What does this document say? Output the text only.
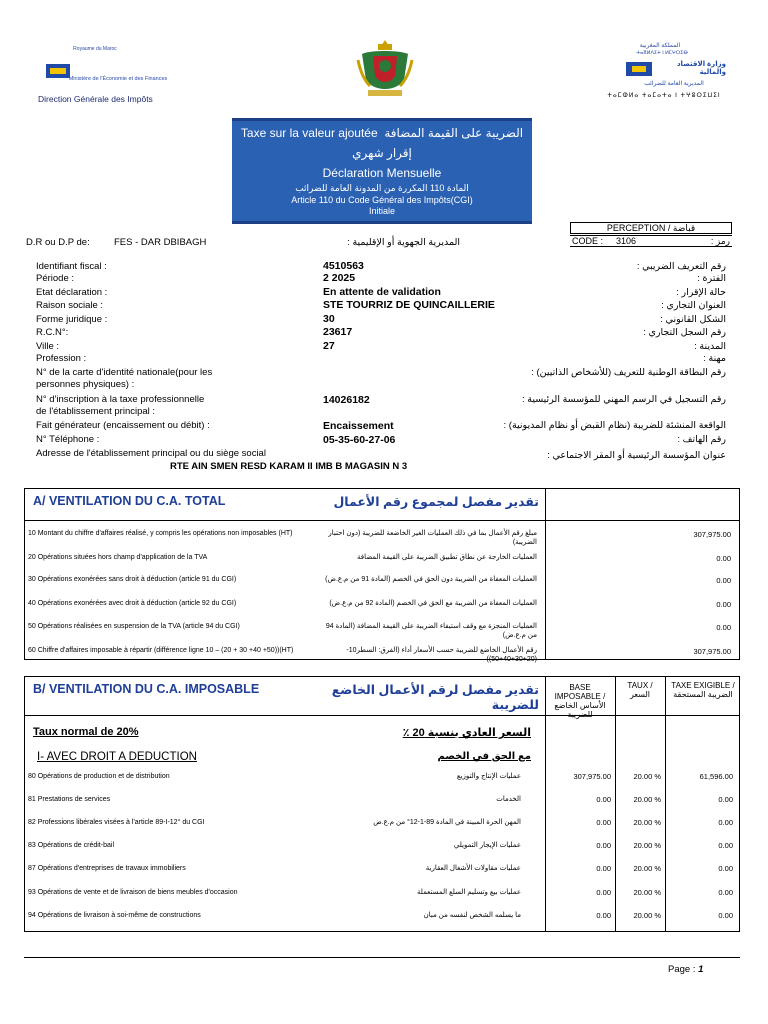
Royaume du Maroc
Ministère de l'Économie et des Finances
Direction Générale des Impôts
المملكة المغربية
ⵜⴰⴳⵍⴷⵉⵜ ⵏ ⵍⵎⵖⵔⵉⴱ
وزارة الاقتصاد والمالية
المديرية العامة للضرائب
ⵜⴰⵎⵀⵍⴰ ⵜⴰⵎⴰⵜⴰ ⵏ ⵜⵖⵓⵔⵉⵡⵉⵏ
Taxe sur la valeur ajoutée الضريبة على القيمة المضافة
إقرار شهري
Déclaration Mensuelle
المادة 110 المكررة من المدونة العامة للضرائب
Article 110 du Code Général des Impôts(CGI)
Initiale
PERCEPTION / قباضة
CODE : 3106	رمز :
D.R ou D.P de:	FES - DAR DBIBAGH	المديرية الجهوية أو الإقليمية :
Identifiant fiscal :	4510563	رقم التعريف الضريبي :
Période :	2 2025	الفترة :
Etat déclaration :	En attente de validation	حالة الإقرار :
Raison sociale :	STE TOURRIZ DE QUINCAILLERIE	العنوان التجاري :
Forme juridique :	30	الشكل القانوني :
R.C.N°:	23617	رقم السجل التجاري :
Ville :	27	المدينة :
Profession :	مهنة :
N° de la carte d'identité nationale(pour les
personnes physiques) :
رقم البطاقة الوطنية للتعريف (للأشخاص الذاتيين) :
N° d'inscription à la taxe professionnelle
de l'établissement principal :
14026182	رقم التسجيل في الرسم المهني للمؤسسة الرئيسية :
Fait générateur (encaissement ou débit) :	Encaissement	الواقعة المنشئة للضريبة (نظام القبض أو نظام المديونية) :
N° Téléphone :	05-35-60-27-06	رقم الهاتف :
Adresse de l'établissement principal ou du siège social	عنوان المؤسسة الرئيسية أو المقر الاجتماعي :
RTE AIN SMEN RESD KARAM II IMB B MAGASIN N 3
A/ VENTILATION DU C.A. TOTAL	تقدير مفصل لمجموع رقم الأعمال
10 Montant du chiffre d'affaires réalisé, y compris les opérations non imposables (HT)	مبلغ رقم الأعمال بما في ذلك العمليات الغير الخاضعة للضريبة (دون احتبار الضريبة)
307,975.00
20 Opérations situées hors champ d'application de la TVA	العمليات الخارجة عن نطاق تطبيق الضريبة على القيمة المضافة	0.00
30 Opérations exonérées sans droit à déduction (article 91 du CGI)	العمليات المعفاة من الضريبة دون الحق في الخصم (المادة 91 من م.ع.ض)	0.00
40 Opérations exonérées avec droit à déduction (article 92 du CGI)	العمليات المعفاة من الضريبة مع الحق في الخصم (المادة 92 من م.ع.ض)	0.00
50 Opérations réalisées en suspension de la TVA (article 94 du CGI)	العمليات المنجزة مع وقف استيفاء الضريبة على القيمة المضافة (المادة 94 من م.ع.ض)
0.00
60 Chiffre d'affaires imposable à répartir (différence ligne 10 – (20 + 30 +40 +50))(HT)	رقم الأعمال الخاضع للضريبة حسب الأسعار أداء (الفرق: السطر10-(20+30+40+50))
307,975.00
B/ VENTILATION DU C.A. IMPOSABLE	تقدير مفصل لرقم الأعمال الخاضع للضريبة
BASE IMPOSABLE /
الأساس الخاضع
TAUX /
السعر
TAXE EXIGIBLE /
الضريبة المستحقة
Taux normal de 20%	السعر العادي بنسبة 20 ٪
I- AVEC DROIT A DEDUCTION	مع الحق في الخصم
80 Opérations de production et de distribution	عمليات الإنتاج والتوزيع	307,975.00	20.00 %	61,596.00
81 Prestations de services	الخدمات	0.00	20.00 %	0.00
82 Professions libérales visées à l'article 89-I-12° du CGI	المهن الحرة المبينة في المادة 89-1-12° من م.ع.ض	0.00	20.00 %	0.00
83 Opérations de crédit-bail	عمليات الإيجار التمويلي	0.00	20.00 %	0.00
87 Opérations d'entreprises de travaux immobiliers	عمليات مقاولات الأشغال العقارية	0.00	20.00 %	0.00
93 Opérations de vente et de livraison de biens meubles d'occasion	عمليات بيع وتسليم السلع المستعملة	0.00	20.00 %	0.00
94 Opérations de livraison à soi-même de constructions	ما يسلمه الشخص لنفسه من مبان	0.00	20.00 %	0.00
Page : 1
